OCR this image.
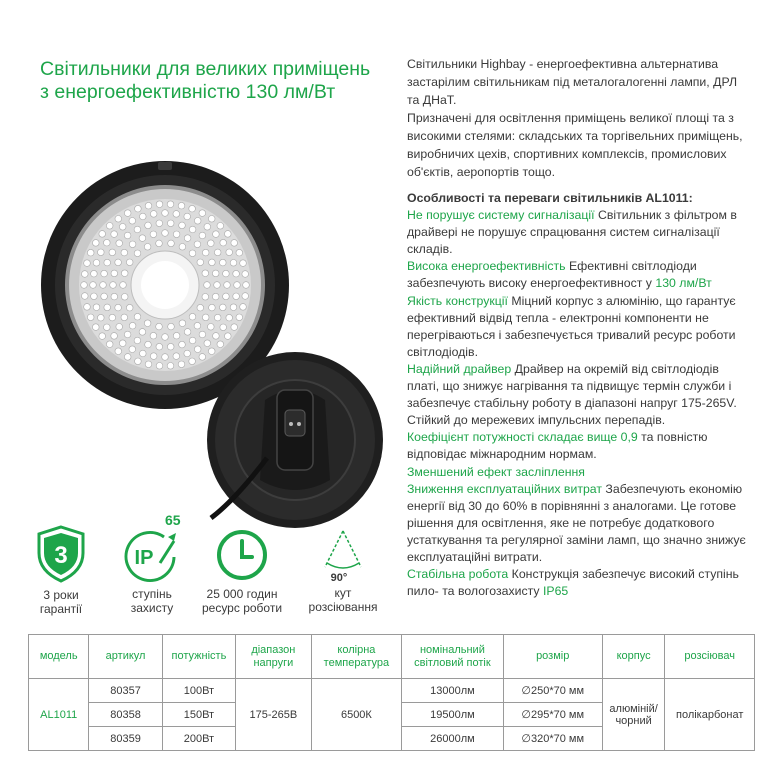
Світильники для великих приміщень з енергоефективністю 130 лм/Вт

Світильники Highbay - енергоефективна альтернатива застарілим світильникам під металогалогенні лампи, ДРЛ та ДНаТ.

Призначені для освітлення приміщень великої площі та з високими стелями: складських та торгівельних приміщень, виробничих цехів, спортивних комплексів, промислових об'єктів, аеропортів тощо.

Особливості та переваги світильників AL1011:

Не порушує систему сигналізації Світильник з фільтром в драйвері не порушує спрацювання систем сигналізації складів.

Висока енергоефективність Ефективні світлодіоди забезпечують високу енергоефективност у 130 лм/Вт

Якість конструкції Міцний корпус з алюмінію, що гарантує ефективний відвід тепла - електронні компоненти не перегріваються і забезпечується тривалий ресурс роботи світлодіодів.

Надійний драйвер Драйвер на окремій від світлодіодів платі, що знижує нагрівання та підвищує термін служби і забезпечує стабільну роботу в діапазоні напруг 175-265V. Стійкий до мережевих імпульсних перепадів.

Коефіцієнт потужності складає вище 0,9 та повністю відповідає міжнародним нормам.

Зменшений ефект засліплення

Зниження експлуатаційних витрат Забезпечують економію енергії від 30 до 60% в порівнянні з аналогами. Це готове рішення для освітлення, яке не потребує додаткового устаткування та регулярної заміни ламп, що значно знижує експлуатаційні витрати.

Стабільна робота Конструкція забезпечує високий ступінь пило- та вологозахисту IP65

3
3 роки
гарантії
65
IP
ступінь
захисту
25 000 годин
ресурс роботи
90°
кут
розсіювання
модель	артикул	потужність	діапазон напруги	колірна температура	номінальний світловий потік	розмір	корпус	розсіювач
AL1011	80357	100Вт	175-265В	6500К	13000лм	∅250*70 мм	алюміній/ чорний	полікарбонат
	80358	150Вт			19500лм	∅295*70 мм		
	80359	200Вт			26000лм	∅320*70 мм		
